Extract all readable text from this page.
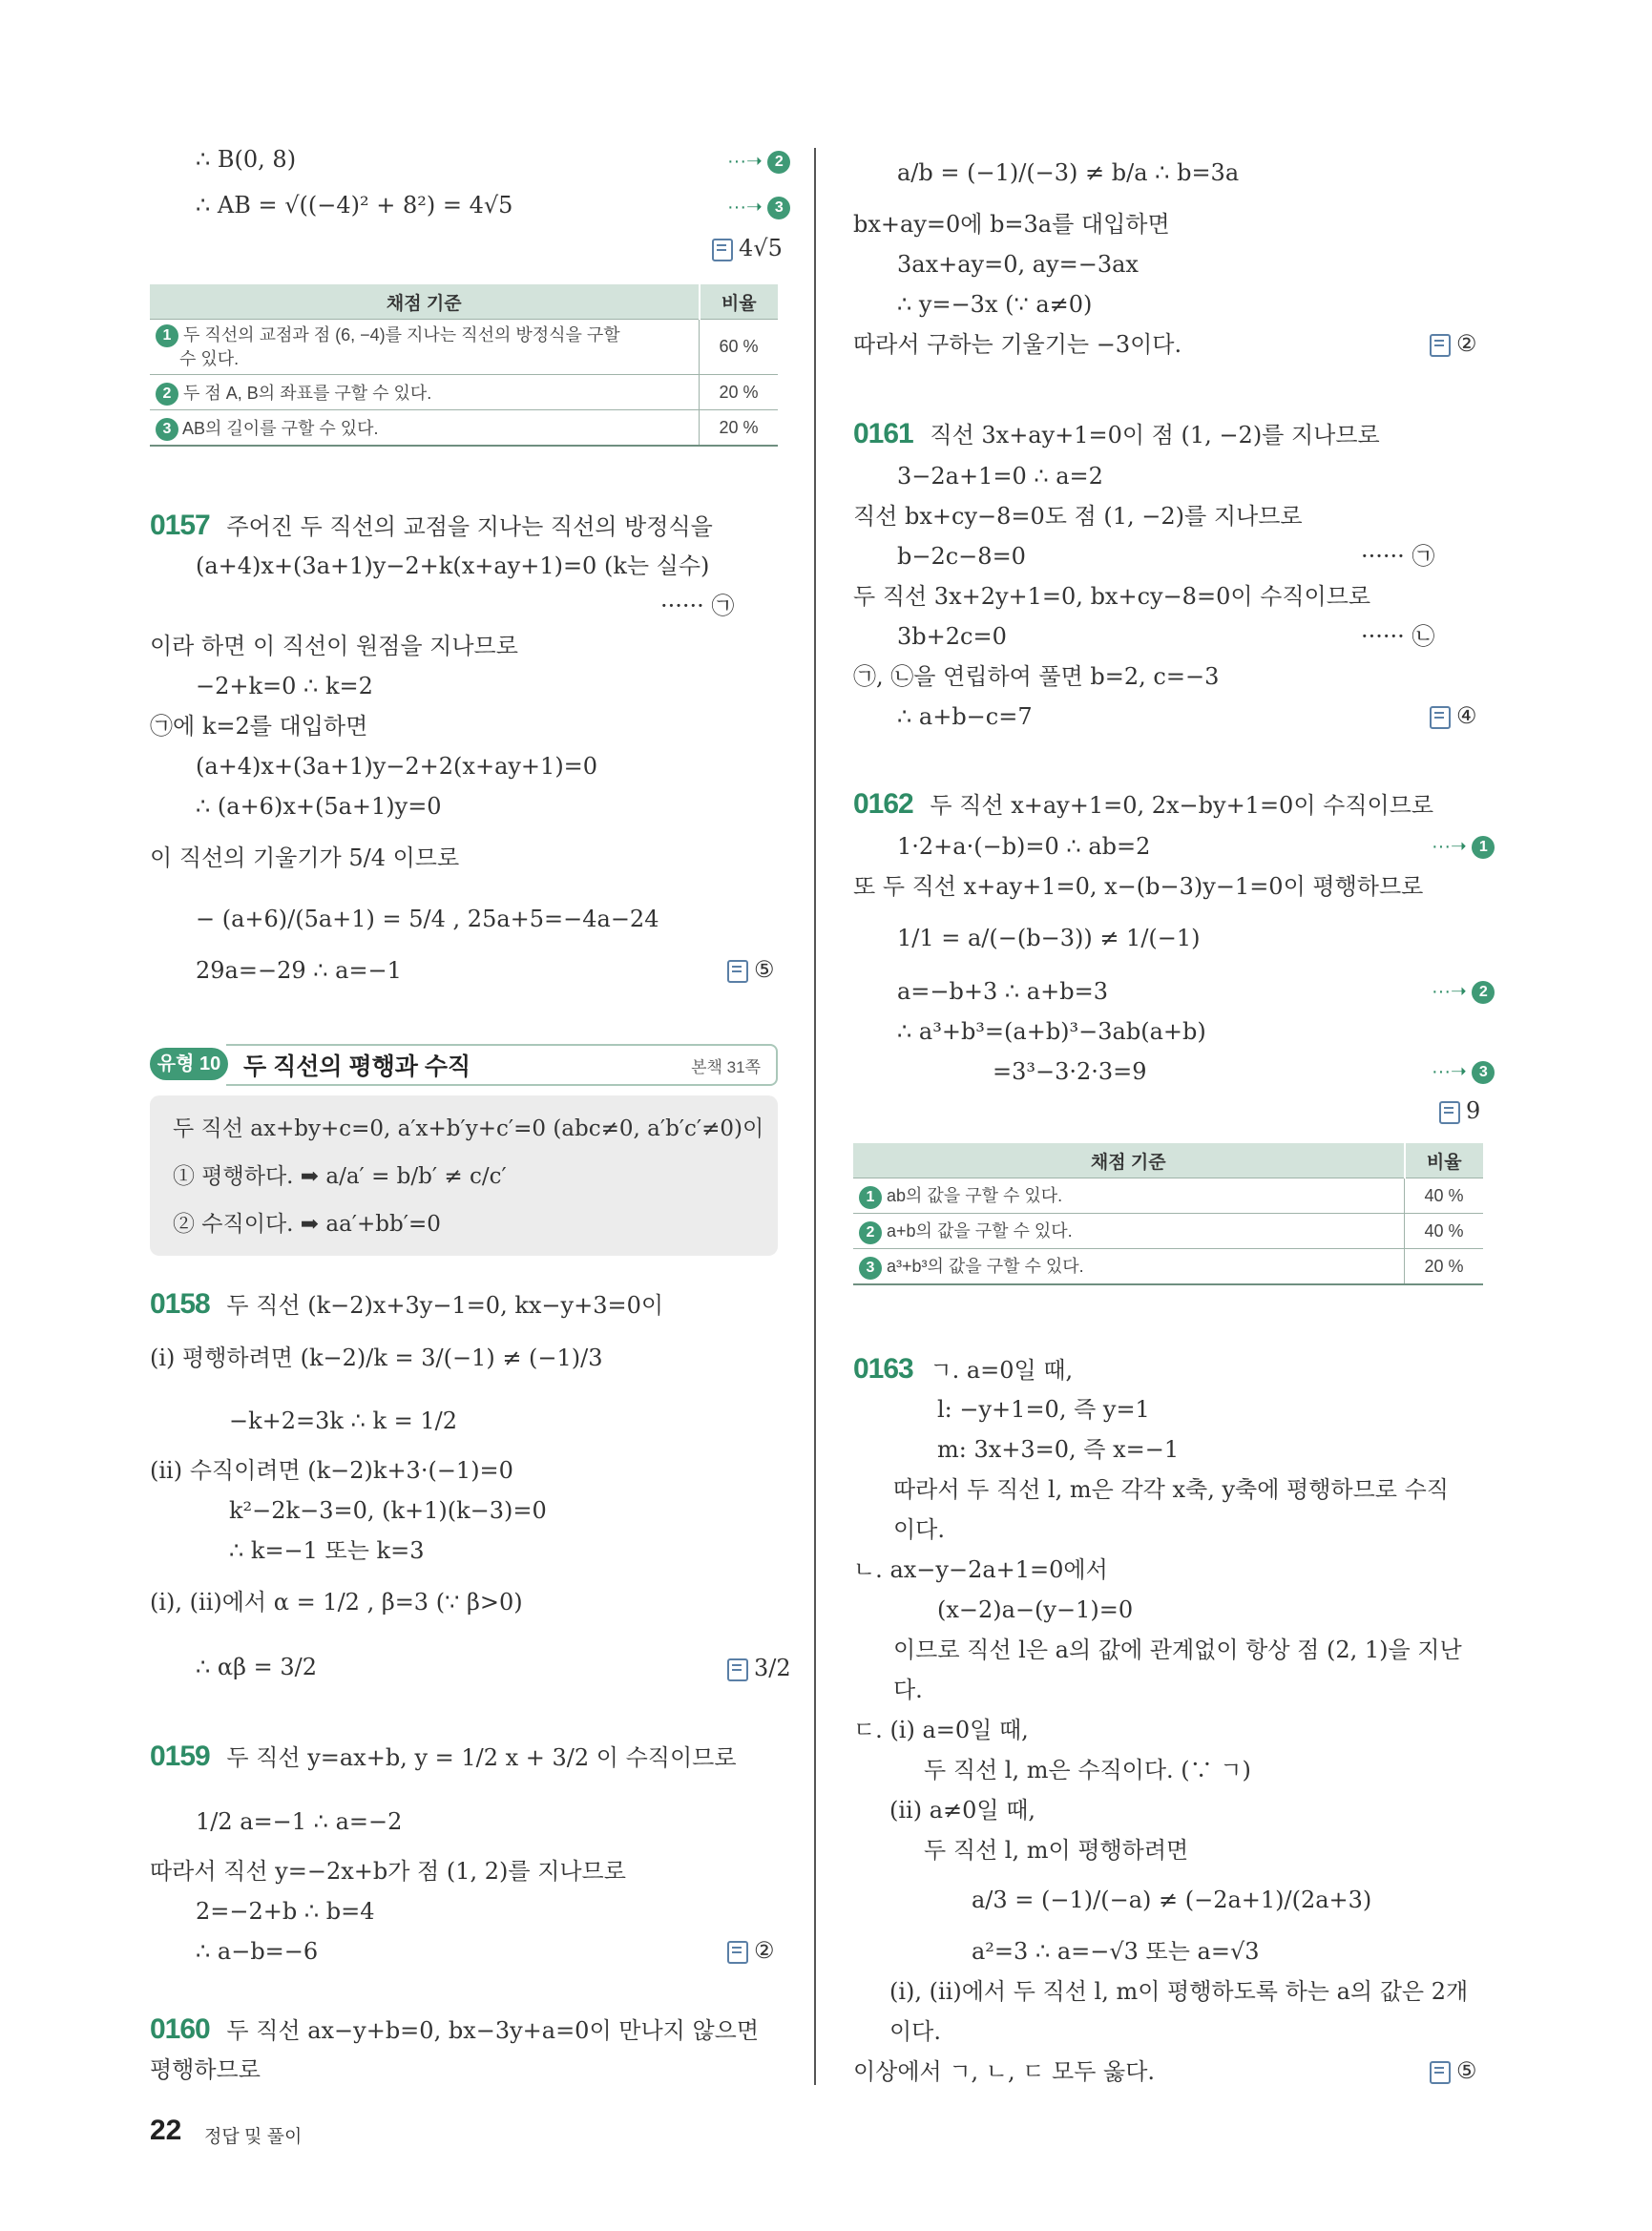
∴ B(0, 8)	···➝ 2
∴ AB = √((−4)² + 8²) = 4√5	···➝ 3
4√5
채점 기준	비율
1 두 직선의 교점과 점 (6, −4)를 지나는 직선의 방정식을 구할
수 있다.	60 %
2 두 점 A, B의 좌표를 구할 수 있다.	20 %
3 AB의 길이를 구할 수 있다.	20 %
0157 주어진 두 직선의 교점을 지나는 직선의 방정식을
(a+4)x+(3a+1)y−2+k(x+ay+1)=0 (k는 실수)
······ ㉠
이라 하면 이 직선이 원점을 지나므로
−2+k=0 ∴ k=2
㉠에 k=2를 대입하면
(a+4)x+(3a+1)y−2+2(x+ay+1)=0
∴ (a+6)x+(5a+1)y=0
이 직선의 기울기가 5/4 이므로
− (a+6)/(5a+1) = 5/4 , 25a+5=−4a−24
29a=−29 ∴ a=−1	⑤
유형 10 두 직선의 평행과 수직	본책 31쪽
두 직선 ax+by+c=0, a′x+b′y+c′=0 (abc≠0, a′b′c′≠0)이
① 평행하다. ➡ a/a′ = b/b′ ≠ c/c′
② 수직이다. ➡ aa′+bb′=0
0158 두 직선 (k−2)x+3y−1=0, kx−y+3=0이
(i) 평행하려면 (k−2)/k = 3/(−1) ≠ (−1)/3
−k+2=3k ∴ k = 1/2
(ii) 수직이려면 (k−2)k+3·(−1)=0
k²−2k−3=0, (k+1)(k−3)=0
∴ k=−1 또는 k=3
(i), (ii)에서 α = 1/2 , β=3 (∵ β>0)
∴ αβ = 3/2	3/2
0159 두 직선 y=ax+b, y = 1/2 x + 3/2 이 수직이므로
1/2 a=−1 ∴ a=−2
따라서 직선 y=−2x+b가 점 (1, 2)를 지나므로
2=−2+b ∴ b=4
∴ a−b=−6	②
0160 두 직선 ax−y+b=0, bx−3y+a=0이 만나지 않으면
평행하므로
a/b = (−1)/(−3) ≠ b/a ∴ b=3a
bx+ay=0에 b=3a를 대입하면
3ax+ay=0, ay=−3ax
∴ y=−3x (∵ a≠0)
따라서 구하는 기울기는 −3이다.	②
0161 직선 3x+ay+1=0이 점 (1, −2)를 지나므로
3−2a+1=0 ∴ a=2
직선 bx+cy−8=0도 점 (1, −2)를 지나므로
b−2c−8=0	······ ㉠
두 직선 3x+2y+1=0, bx+cy−8=0이 수직이므로
3b+2c=0	······ ㉡
㉠, ㉡을 연립하여 풀면 b=2, c=−3
∴ a+b−c=7	④
0162 두 직선 x+ay+1=0, 2x−by+1=0이 수직이므로
1·2+a·(−b)=0 ∴ ab=2	···➝ 1
또 두 직선 x+ay+1=0, x−(b−3)y−1=0이 평행하므로
1/1 = a/(−(b−3)) ≠ 1/(−1)
a=−b+3 ∴ a+b=3	···➝ 2
∴ a³+b³=(a+b)³−3ab(a+b)
=3³−3·2·3=9	···➝ 3
9
채점 기준	비율
1 ab의 값을 구할 수 있다.	40 %
2 a+b의 값을 구할 수 있다.	40 %
3 a³+b³의 값을 구할 수 있다.	20 %
0163 ㄱ. a=0일 때,
l: −y+1=0, 즉 y=1
m: 3x+3=0, 즉 x=−1
따라서 두 직선 l, m은 각각 x축, y축에 평행하므로 수직
이다.
ㄴ. ax−y−2a+1=0에서
(x−2)a−(y−1)=0
이므로 직선 l은 a의 값에 관계없이 항상 점 (2, 1)을 지난
다.
ㄷ. (i) a=0일 때,
두 직선 l, m은 수직이다. (∵ ㄱ)
(ii) a≠0일 때,
두 직선 l, m이 평행하려면
a/3 = (−1)/(−a) ≠ (−2a+1)/(2a+3)
a²=3 ∴ a=−√3 또는 a=√3
(i), (ii)에서 두 직선 l, m이 평행하도록 하는 a의 값은 2개
이다.
이상에서 ㄱ, ㄴ, ㄷ 모두 옳다.	⑤
22 정답 및 풀이
